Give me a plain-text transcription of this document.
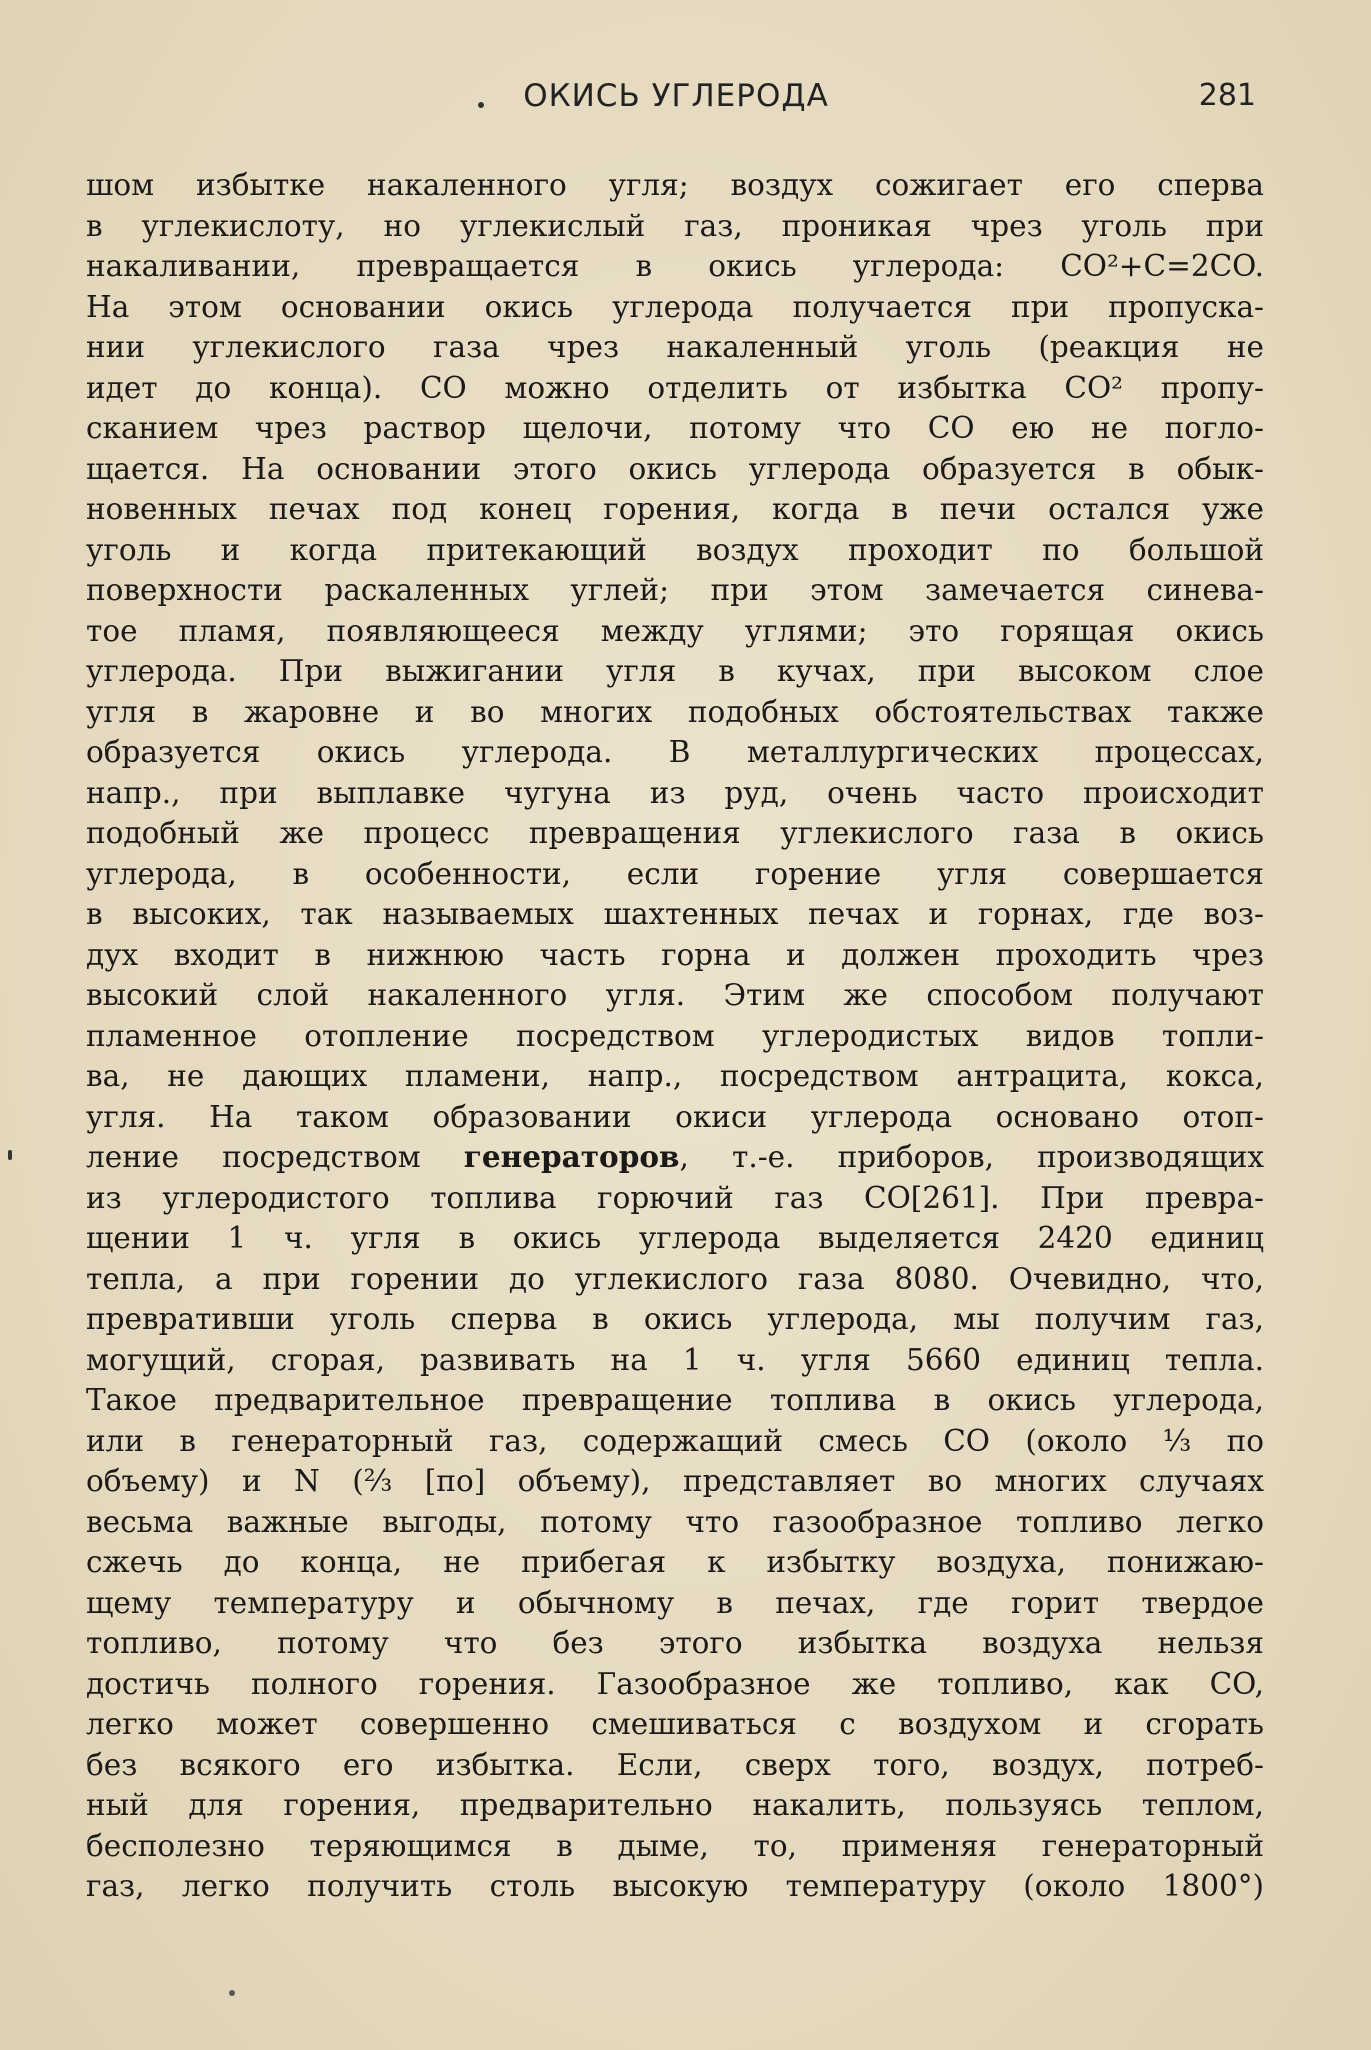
ОКИСЬ УГЛЕРОДА	281
шом избытке накаленного угля; воздух сожигает его сперва
в углекислоту, но углекислый газ, проникая чрез уголь при
накаливании, превращается в окись углерода: CO²+C=2CO.
На этом основании окись углерода получается при пропуска-
нии углекислого газа чрез накаленный уголь (реакция не
идет до конца). CO можно отделить от избытка CO² пропу-
сканием чрез раствор щелочи, потому что CO ею не погло-
щается. На основании этого окись углерода образуется в обык-
новенных печах под конец горения, когда в печи остался уже
уголь и когда притекающий воздух проходит по большой
поверхности раскаленных углей; при этом замечается синева-
тое пламя, появляющееся между углями; это горящая окись
углерода. При выжигании угля в кучах, при высоком слое
угля в жаровне и во многих подобных обстоятельствах также
образуется окись углерода. В металлургических процессах,
напр., при выплавке чугуна из руд, очень часто происходит
подобный же процесс превращения углекислого газа в окись
углерода, в особенности, если горение угля совершается
в высоких, так называемых шахтенных печах и горнах, где воз-
дух входит в нижнюю часть горна и должен проходить чрез
высокий слой накаленного угля. Этим же способом получают
пламенное отопление посредством углеродистых видов топли-
ва, не дающих пламени, напр., посредством антрацита, кокса,
угля. На таком образовании окиси углерода основано отоп-
ление посредством генераторов, т.-е. приборов, производящих
из углеродистого топлива горючий газ CO[261]. При превра-
щении 1 ч. угля в окись углерода выделяется 2420 единиц
тепла, а при горении до углекислого газа 8080. Очевидно, что,
превративши уголь сперва в окись углерода, мы получим газ,
могущий, сгорая, развивать на 1 ч. угля 5660 единиц тепла.
Такое предварительное превращение топлива в окись углерода,
или в генераторный газ, содержащий смесь CO (около ⅓ по
объему) и N (⅔ [по] объему), представляет во многих случаях
весьма важные выгоды, потому что газообразное топливо легко
сжечь до конца, не прибегая к избытку воздуха, понижаю-
щему температуру и обычному в печах, где горит твердое
топливо, потому что без этого избытка воздуха нельзя
достичь полного горения. Газообразное же топливо, как CO,
легко может совершенно смешиваться с воздухом и сгорать
без всякого его избытка. Если, сверх того, воздух, потреб-
ный для горения, предварительно накалить, пользуясь теплом,
бесполезно теряющимся в дыме, то, применяя генераторный
газ, легко получить столь высокую температуру (около 1800°)
